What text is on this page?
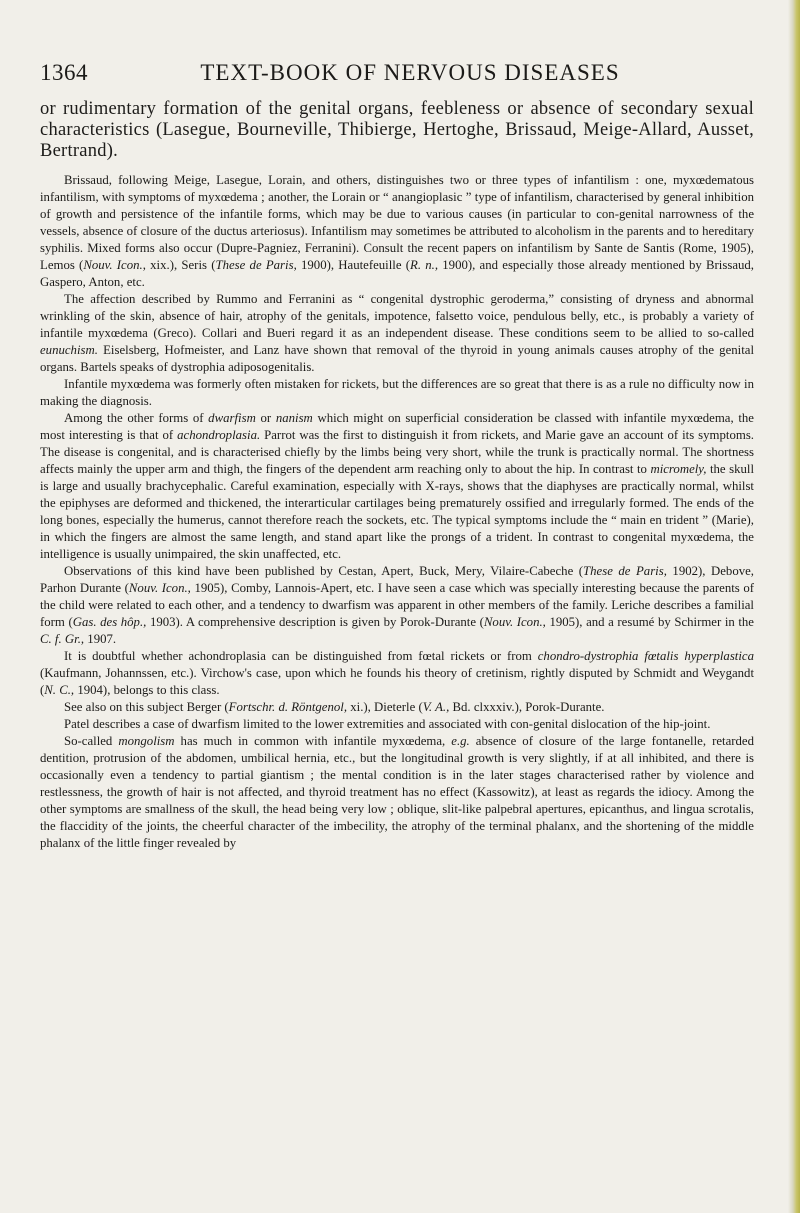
1364	TEXT-BOOK OF NERVOUS DISEASES

or rudimentary formation of the genital organs, feebleness or absence of secondary sexual characteristics (Lasegue, Bourneville, Thibierge, Hertoghe, Brissaud, Meige-Allard, Ausset, Bertrand).

Brissaud, following Meige, Lasegue, Lorain, and others, distinguishes two or three types of infantilism : one, myxœdematous infantilism, with symptoms of myxœdema ; another, the Lorain or “ anangioplasic ” type of infantilism, characterised by general inhibition of growth and persistence of the infantile forms, which may be due to various causes (in particular to con-genital narrowness of the vessels, absence of closure of the ductus arteriosus). Infantilism may sometimes be attributed to alcoholism in the parents and to hereditary syphilis. Mixed forms also occur (Dupre-Pagniez, Ferranini). Consult the recent papers on infantilism by Sante de Santis (Rome, 1905), Lemos (Nouv. Icon., xix.), Seris (These de Paris, 1900), Hautefeuille (R. n., 1900), and especially those already mentioned by Brissaud, Gaspero, Anton, etc.

The affection described by Rummo and Ferranini as “ congenital dystrophic geroderma,” consisting of dryness and abnormal wrinkling of the skin, absence of hair, atrophy of the genitals, impotence, falsetto voice, pendulous belly, etc., is probably a variety of infantile myxœdema (Greco). Collari and Bueri regard it as an independent disease. These conditions seem to be allied to so-called eunuchism. Eiselsberg, Hofmeister, and Lanz have shown that removal of the thyroid in young animals causes atrophy of the genital organs. Bartels speaks of dystrophia adiposogenitalis.

Infantile myxœdema was formerly often mistaken for rickets, but the differences are so great that there is as a rule no difficulty now in making the diagnosis.

Among the other forms of dwarfism or nanism which might on superficial consideration be classed with infantile myxœdema, the most interesting is that of achondroplasia. Parrot was the first to distinguish it from rickets, and Marie gave an account of its symptoms. The disease is congenital, and is characterised chiefly by the limbs being very short, while the trunk is practically normal. The shortness affects mainly the upper arm and thigh, the fingers of the dependent arm reaching only to about the hip. In contrast to micromely, the skull is large and usually brachycephalic. Careful examination, especially with X-rays, shows that the diaphyses are practically normal, whilst the epiphyses are deformed and thickened, the interarticular cartilages being prematurely ossified and irregularly formed. The ends of the long bones, especially the humerus, cannot therefore reach the sockets, etc. The typical symptoms include the “ main en trident ” (Marie), in which the fingers are almost the same length, and stand apart like the prongs of a trident. In contrast to congenital myxœdema, the intelligence is usually unimpaired, the skin unaffected, etc.

Observations of this kind have been published by Cestan, Apert, Buck, Mery, Vilaire-Cabeche (These de Paris, 1902), Debove, Parhon Durante (Nouv. Icon., 1905), Comby, Lannois-Apert, etc. I have seen a case which was specially interesting because the parents of the child were related to each other, and a tendency to dwarfism was apparent in other members of the family. Leriche describes a familial form (Gas. des hôp., 1903). A comprehensive description is given by Porok-Durante (Nouv. Icon., 1905), and a resumé by Schirmer in the C. f. Gr., 1907.

It is doubtful whether achondroplasia can be distinguished from fœtal rickets or from chondro-dystrophia fœtalis hyperplastica (Kaufmann, Johannssen, etc.). Virchow's case, upon which he founds his theory of cretinism, rightly disputed by Schmidt and Weygandt (N. C., 1904), belongs to this class.

See also on this subject Berger (Fortschr. d. Röntgenol, xi.), Dieterle (V. A., Bd. clxxxiv.), Porok-Durante.

Patel describes a case of dwarfism limited to the lower extremities and associated with con-genital dislocation of the hip-joint.

So-called mongolism has much in common with infantile myxœdema, e.g. absence of closure of the large fontanelle, retarded dentition, protrusion of the abdomen, umbilical hernia, etc., but the longitudinal growth is very slightly, if at all inhibited, and there is occasionally even a tendency to partial giantism ; the mental condition is in the later stages characterised rather by violence and restlessness, the growth of hair is not affected, and thyroid treatment has no effect (Kassowitz), at least as regards the idiocy. Among the other symptoms are smallness of the skull, the head being very low ; oblique, slit-like palpebral apertures, epicanthus, and lingua scrotalis, the flaccidity of the joints, the cheerful character of the imbecility, the atrophy of the terminal phalanx, and the shortening of the middle phalanx of the little finger revealed by
